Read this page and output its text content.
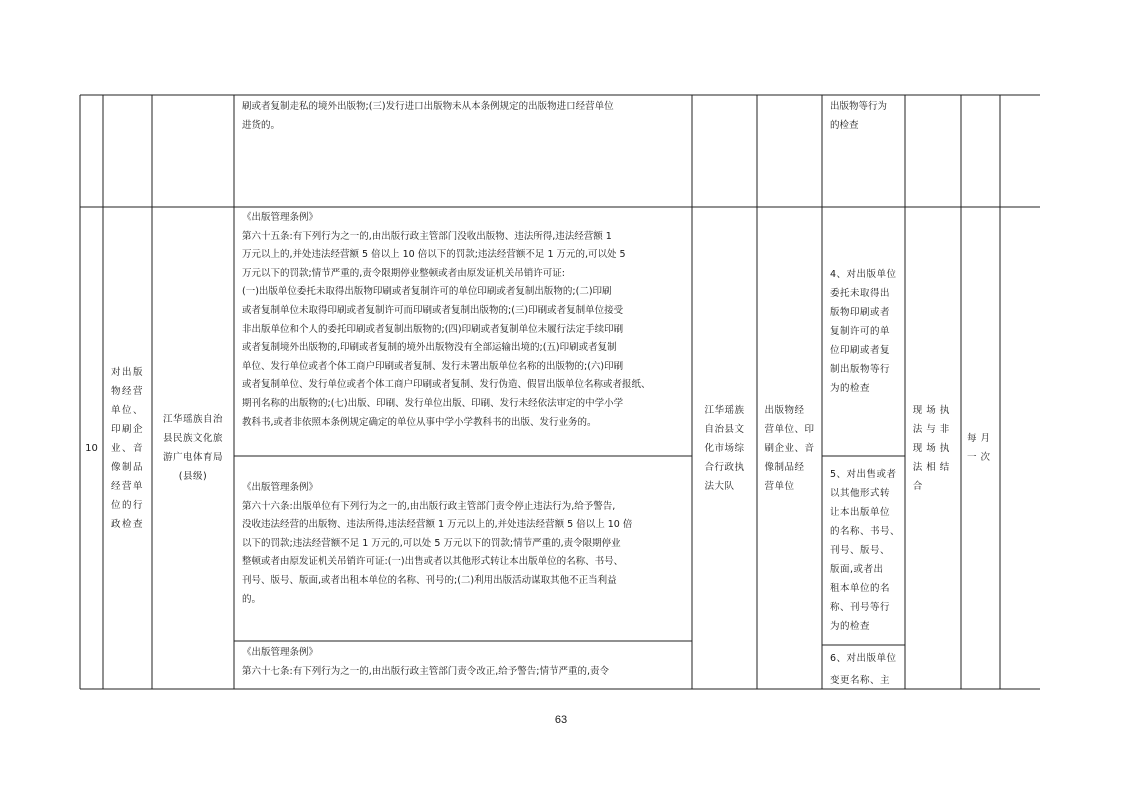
刷或者复制走私的境外出版物;(三)发行进口出版物未从本条例规定的出版物进口经营单位
进货的。
出版物等行为
的检查
10
对出版
物经营
单位、
印刷企
业、音
像制品
经营单
位的行
政检查
江华瑶族自治
县民族文化旅
游广电体育局
(县级)
《出版管理条例》
第六十五条:有下列行为之一的,由出版行政主管部门没收出版物、违法所得,违法经营额 1
万元以上的,并处违法经营额 5 倍以上 10 倍以下的罚款;违法经营额不足 1 万元的,可以处 5
万元以下的罚款;情节严重的,责令限期停业整顿或者由原发证机关吊销许可证:
(一)出版单位委托未取得出版物印刷或者复制许可的单位印刷或者复制出版物的;(二)印刷
或者复制单位未取得印刷或者复制许可而印刷或者复制出版物的;(三)印刷或者复制单位接受
非出版单位和个人的委托印刷或者复制出版物的;(四)印刷或者复制单位未履行法定手续印刷
或者复制境外出版物的,印刷或者复制的境外出版物没有全部运输出境的;(五)印刷或者复制
单位、发行单位或者个体工商户印刷或者复制、发行未署出版单位名称的出版物的;(六)印刷
或者复制单位、发行单位或者个体工商户印刷或者复制、发行伪造、假冒出版单位名称或者报纸、
期刊名称的出版物的;(七)出版、印刷、发行单位出版、印刷、发行未经依法审定的中学小学
教科书,或者非依照本条例规定确定的单位从事中学小学教科书的出版、发行业务的。
《出版管理条例》
第六十六条:出版单位有下列行为之一的,由出版行政主管部门责令停止违法行为,给予警告,
没收违法经营的出版物、违法所得,违法经营额 1 万元以上的,并处违法经营额 5 倍以上 10 倍
以下的罚款;违法经营额不足 1 万元的,可以处 5 万元以下的罚款;情节严重的,责令限期停业
整顿或者由原发证机关吊销许可证:(一)出售或者以其他形式转让本出版单位的名称、书号、
刊号、版号、版面,或者出租本单位的名称、刊号的;(二)利用出版活动谋取其他不正当利益
的。
《出版管理条例》
第六十七条:有下列行为之一的,由出版行政主管部门责令改正,给予警告;情节严重的,责令
江华瑶族
自治县文
化市场综
合行政执
法大队
出版物经
营单位、印
刷企业、音
像制品经
营单位
4、对出版单位
委托未取得出
版物印刷或者
复制许可的单
位印刷或者复
制出版物等行
为的检查
5、对出售或者
以其他形式转
让本出版单位
的名称、书号、
刊号、版号、
版面,或者出
租本单位的名
称、刊号等行
为的检查
6、对出版单位
变更名称、主
现场执
法与非
现场执
法相结
合
每月
一次
63
